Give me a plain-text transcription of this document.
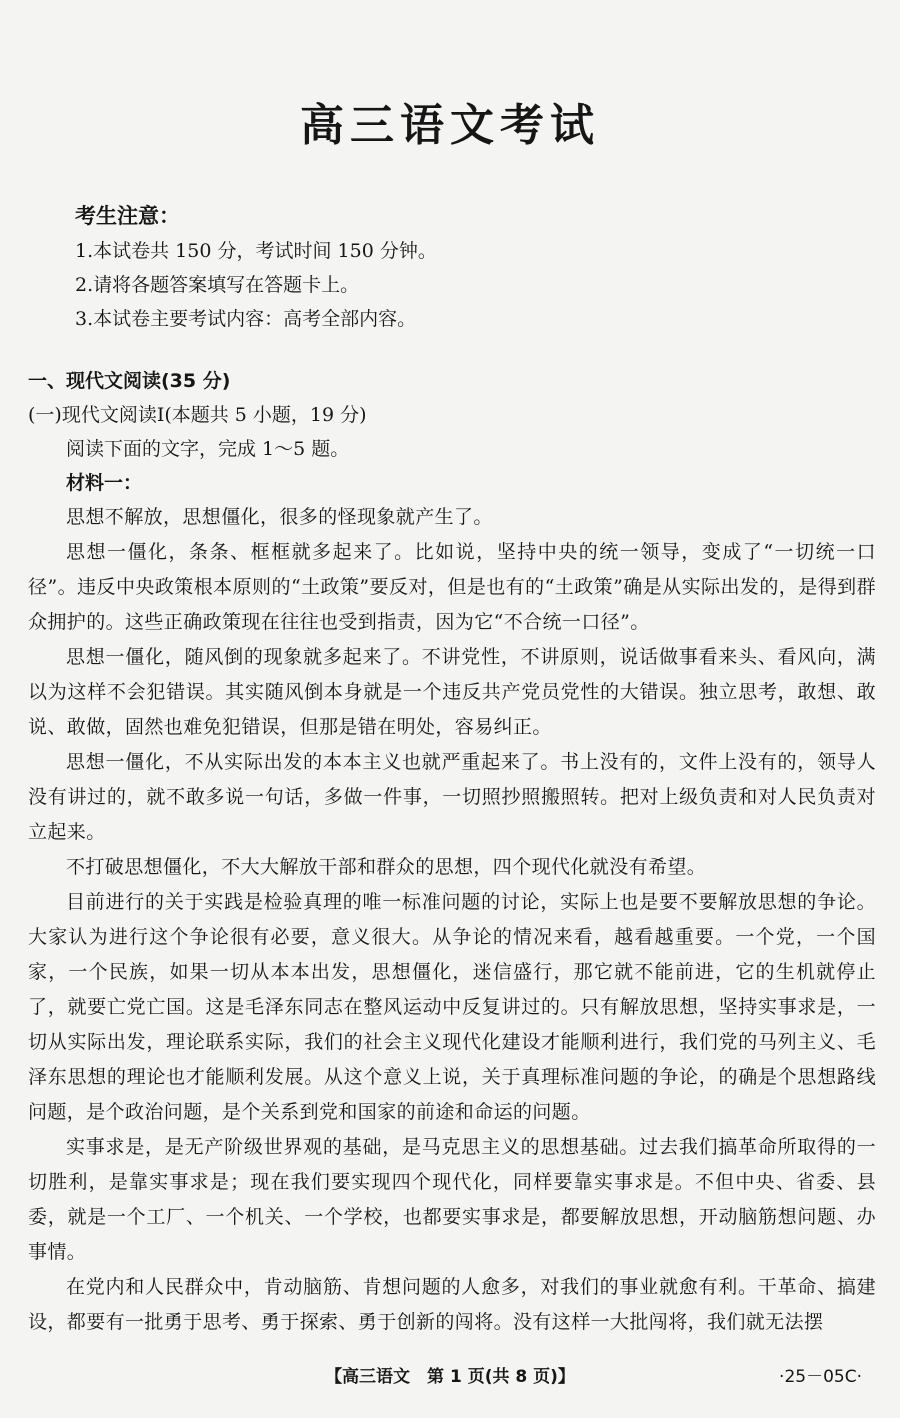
高三语文考试
考生注意：
1.本试卷共 150 分，考试时间 150 分钟。
2.请将各题答案填写在答题卡上。
3.本试卷主要考试内容：高考全部内容。
一、现代文阅读(35 分)
(一)现代文阅读Ⅰ(本题共 5 小题，19 分)
阅读下面的文字，完成 1～5 题。
材料一：

思想不解放，思想僵化，很多的怪现象就产生了。

思想一僵化，条条、框框就多起来了。比如说，坚持中央的统一领导，变成了“一切统一口径”。违反中央政策根本原则的“土政策”要反对，但是也有的“土政策”确是从实际出发的，是得到群众拥护的。这些正确政策现在往往也受到指责，因为它“不合统一口径”。

思想一僵化，随风倒的现象就多起来了。不讲党性，不讲原则，说话做事看来头、看风向，满以为这样不会犯错误。其实随风倒本身就是一个违反共产党员党性的大错误。独立思考，敢想、敢说、敢做，固然也难免犯错误，但那是错在明处，容易纠正。

思想一僵化，不从实际出发的本本主义也就严重起来了。书上没有的，文件上没有的，领导人没有讲过的，就不敢多说一句话，多做一件事，一切照抄照搬照转。把对上级负责和对人民负责对立起来。

不打破思想僵化，不大大解放干部和群众的思想，四个现代化就没有希望。

目前进行的关于实践是检验真理的唯一标准问题的讨论，实际上也是要不要解放思想的争论。大家认为进行这个争论很有必要，意义很大。从争论的情况来看，越看越重要。一个党，一个国家，一个民族，如果一切从本本出发，思想僵化，迷信盛行，那它就不能前进，它的生机就停止了，就要亡党亡国。这是毛泽东同志在整风运动中反复讲过的。只有解放思想，坚持实事求是，一切从实际出发，理论联系实际，我们的社会主义现代化建设才能顺利进行，我们党的马列主义、毛泽东思想的理论也才能顺利发展。从这个意义上说，关于真理标准问题的争论，的确是个思想路线问题，是个政治问题，是个关系到党和国家的前途和命运的问题。

实事求是，是无产阶级世界观的基础，是马克思主义的思想基础。过去我们搞革命所取得的一切胜利，是靠实事求是；现在我们要实现四个现代化，同样要靠实事求是。不但中央、省委、县委，就是一个工厂、一个机关、一个学校，也都要实事求是，都要解放思想，开动脑筋想问题、办事情。

在党内和人民群众中，肯动脑筋、肯想问题的人愈多，对我们的事业就愈有利。干革命、搞建设，都要有一批勇于思考、勇于探索、勇于创新的闯将。没有这样一大批闯将，我们就无法摆

【高三语文　第 1 页(共 8 页)】	·25－05C·
